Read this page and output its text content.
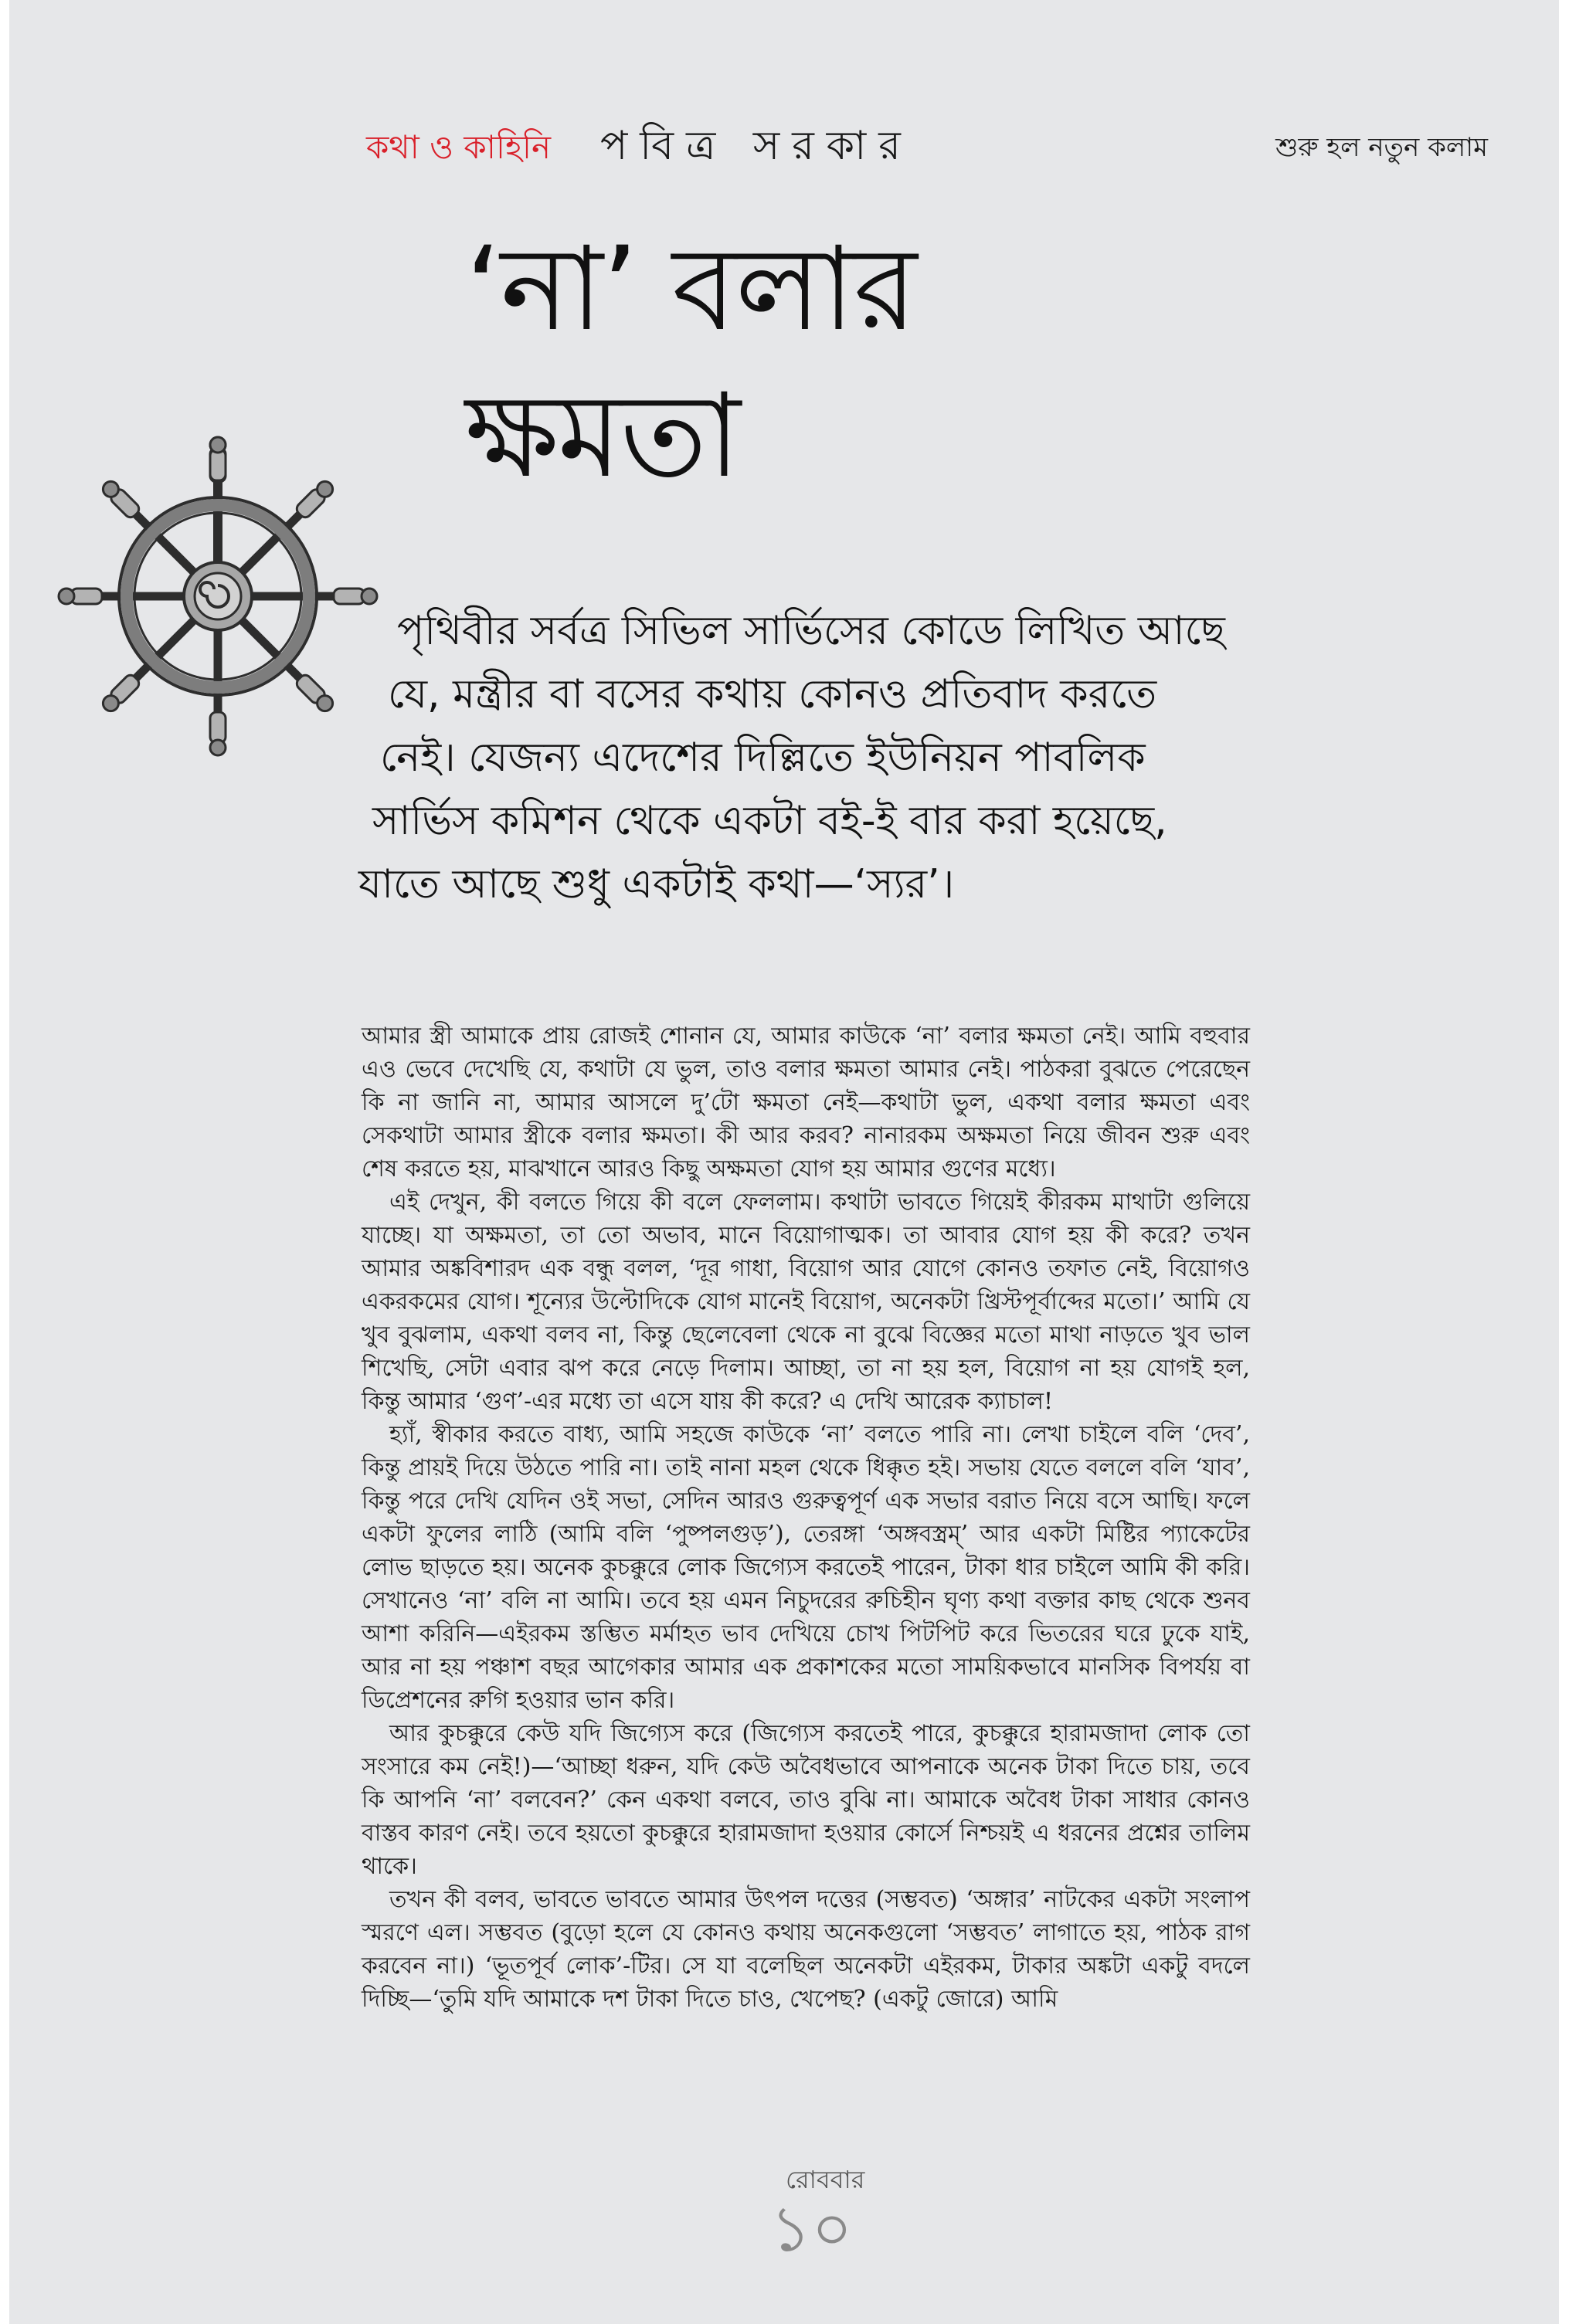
কথা ও কাহিনি পবিত্র সরকার	শুরু হল নতুন কলাম
‘না’ বলার
ক্ষমতা
পৃথিবীর সর্বত্র সিভিল সার্ভিসের কোডে লিখিত আছে
যে, মন্ত্রীর বা বসের কথায় কোনও প্রতিবাদ করতে
নেই। যেজন্য এদেশের দিল্লিতে ইউনিয়ন পাবলিক
সার্ভিস কমিশন থেকে একটা বই-ই বার করা হয়েছে,
যাতে আছে শুধু একটাই কথা—‘স্যর’।

আমার স্ত্রী আমাকে প্রায় রোজই শোনান যে, আমার কাউকে ‘না’ বলার ক্ষমতা নেই। আমি বহুবার এও ভেবে দেখেছি যে, কথাটা যে ভুল, তাও বলার ক্ষমতা আমার নেই। পাঠকরা বুঝতে পেরেছেন কি না জানি না, আমার আসলে দু’টো ক্ষমতা নেই—কথাটা ভুল, একথা বলার ক্ষমতা এবং সেকথাটা আমার স্ত্রীকে বলার ক্ষমতা। কী আর করব? নানারকম অক্ষমতা নিয়ে জীবন শুরু এবং শেষ করতে হয়, মাঝখানে আরও কিছু অক্ষমতা যোগ হয় আমার গুণের মধ্যে।

এই দেখুন, কী বলতে গিয়ে কী বলে ফেললাম। কথাটা ভাবতে গিয়েই কীরকম মাথাটা গুলিয়ে যাচ্ছে। যা অক্ষমতা, তা তো অভাব, মানে বিয়োগাত্মক। তা আবার যোগ হয় কী করে? তখন আমার অঙ্কবিশারদ এক বন্ধু বলল, ‘দূর গাধা, বিয়োগ আর যোগে কোনও তফাত নেই, বিয়োগও একরকমের যোগ। শূন্যের উল্টোদিকে যোগ মানেই বিয়োগ, অনেকটা খ্রিস্টপূর্বাব্দের মতো।’ আমি যে খুব বুঝলাম, একথা বলব না, কিন্তু ছেলেবেলা থেকে না বুঝে বিজ্ঞের মতো মাথা নাড়তে খুব ভাল শিখেছি, সেটা এবার ঝপ করে নেড়ে দিলাম। আচ্ছা, তা না হয় হল, বিয়োগ না হয় যোগই হল, কিন্তু আমার ‘গুণ’-এর মধ্যে তা এসে যায় কী করে? এ দেখি আরেক ক্যাচাল!

হ্যাঁ, স্বীকার করতে বাধ্য, আমি সহজে কাউকে ‘না’ বলতে পারি না। লেখা চাইলে বলি ‘দেব’, কিন্তু প্রায়ই দিয়ে উঠতে পারি না। তাই নানা মহল থেকে ধিক্কৃত হই। সভায় যেতে বললে বলি ‘যাব’, কিন্তু পরে দেখি যেদিন ওই সভা, সেদিন আরও গুরুত্বপূর্ণ এক সভার বরাত নিয়ে বসে আছি। ফলে একটা ফুলের লাঠি (আমি বলি ‘পুষ্পলগুড়’), তেরঙ্গা ‘অঙ্গবস্ত্রম্’ আর একটা মিষ্টির প্যাকেটের লোভ ছাড়তে হয়। অনেক কুচক্কুরে লোক জিগ্যেস করতেই পারেন, টাকা ধার চাইলে আমি কী করি। সেখানেও ‘না’ বলি না আমি। তবে হয় এমন নিচুদরের রুচিহীন ঘৃণ্য কথা বক্তার কাছ থেকে শুনব আশা করিনি—এইরকম স্তম্ভিত মর্মাহত ভাব দেখিয়ে চোখ পিটপিট করে ভিতরের ঘরে ঢুকে যাই, আর না হয় পঞ্চাশ বছর আগেকার আমার এক প্রকাশকের মতো সাময়িকভাবে মানসিক বিপর্যয় বা ডিপ্রেশনের রুগি হওয়ার ভান করি।

আর কুচক্কুরে কেউ যদি জিগ্যেস করে (জিগ্যেস করতেই পারে, কুচক্কুরে হারামজাদা লোক তো সংসারে কম নেই!)—‘আচ্ছা ধরুন, যদি কেউ অবৈধভাবে আপনাকে অনেক টাকা দিতে চায়, তবে কি আপনি ‘না’ বলবেন?’ কেন একথা বলবে, তাও বুঝি না। আমাকে অবৈধ টাকা সাধার কোনও বাস্তব কারণ নেই। তবে হয়তো কুচক্কুরে হারামজাদা হওয়ার কোর্সে নিশ্চয়ই এ ধরনের প্রশ্নের তালিম থাকে।

তখন কী বলব, ভাবতে ভাবতে আমার উৎপল দত্তের (সম্ভবত) ‘অঙ্গার’ নাটকের একটা সংলাপ স্মরণে এল। সম্ভবত (বুড়ো হলে যে কোনও কথায় অনেকগুলো ‘সম্ভবত’ লাগাতে হয়, পাঠক রাগ করবেন না।) ‘ভূতপূর্ব লোক’-টির। সে যা বলেছিল অনেকটা এইরকম, টাকার অঙ্কটা একটু বদলে দিচ্ছি—‘তুমি যদি আমাকে দশ টাকা দিতে চাও, খেপেছ? (একটু জোরে) আমি

রোববার
১০
